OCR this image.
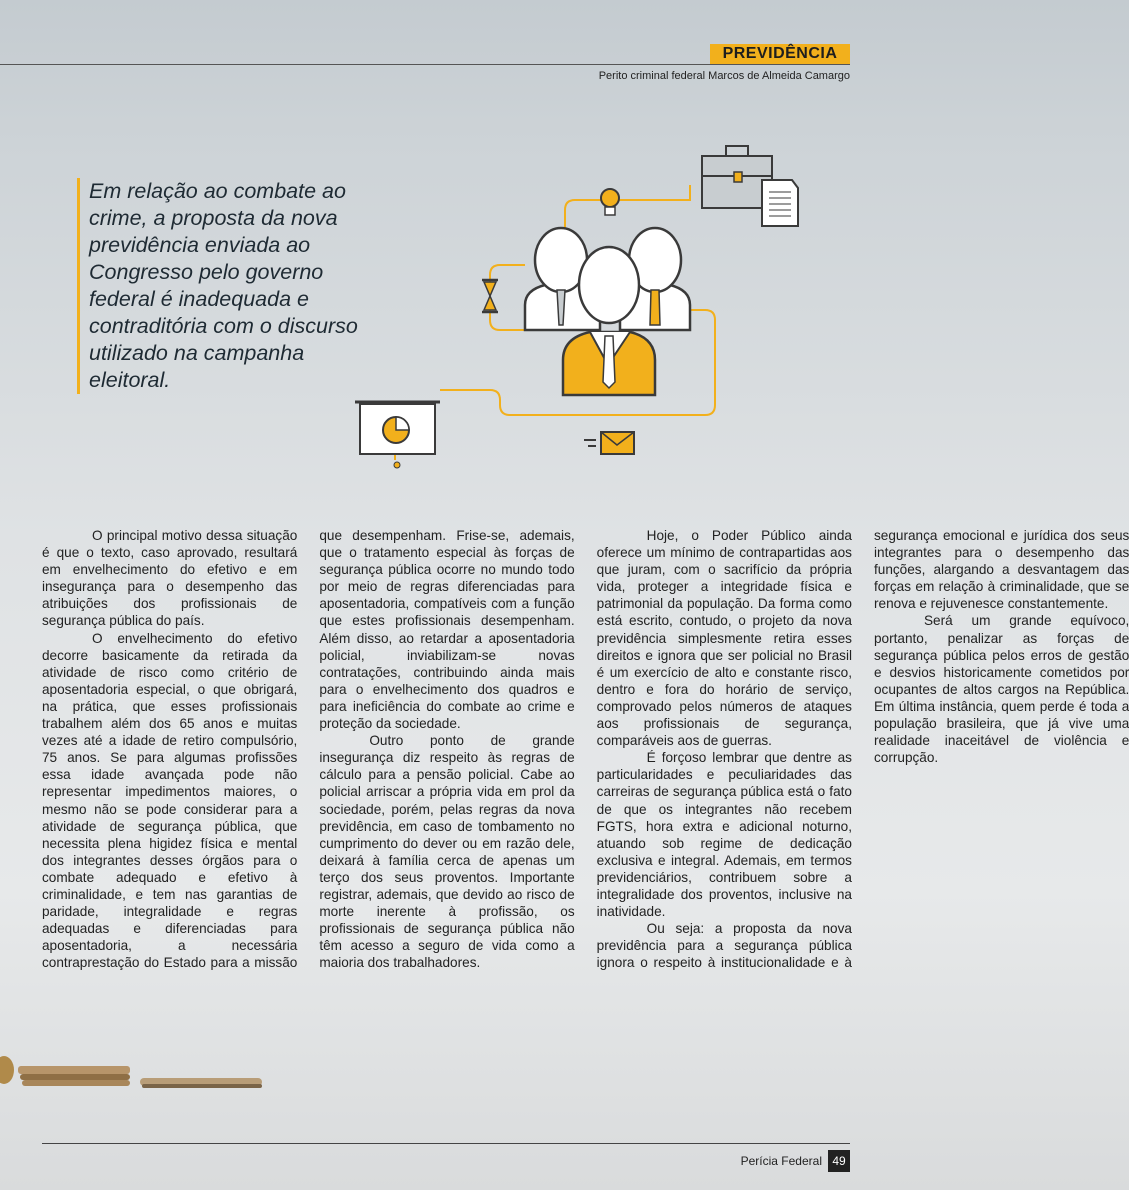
PREVIDÊNCIA
Perito criminal federal Marcos de Almeida Camargo
Em relação ao combate ao crime, a proposta da nova previdência enviada ao Congresso pelo governo federal é inadequada e contraditória com o discurso utilizado na campanha eleitoral.

O principal motivo dessa situação é que o texto, caso aprovado, resultará em envelhecimento do efetivo e em insegurança para o desempenho das atribuições dos profissionais de segurança pública do país.

O envelhecimento do efetivo decorre basicamente da retirada da atividade de risco como critério de aposentadoria especial, o que obrigará, na prática, que esses profissionais trabalhem além dos 65 anos e muitas vezes até a idade de retiro compulsório, 75 anos. Se para algumas profissões essa idade avançada pode não representar impedimentos maiores, o mesmo não se pode considerar para a atividade de segurança pública, que necessita plena higidez física e mental dos integrantes desses órgãos para o combate adequado e efetivo à criminalidade, e tem nas garantias de paridade, integralidade e regras adequadas e diferenciadas para aposentadoria, a necessária contraprestação do Estado para a missão que desempenham. Frise-se, ademais, que o tratamento especial às forças de segurança pública ocorre no mundo todo por meio de regras diferenciadas para aposentadoria, compatíveis com a função que estes profissionais desempenham. Além disso, ao retardar a aposentadoria policial, inviabilizam-se novas contratações, contribuindo ainda mais para o envelhecimento dos quadros e para ineficiência do combate ao crime e proteção da sociedade.

Outro ponto de grande insegurança diz respeito às regras de cálculo para a pensão policial. Cabe ao policial arriscar a própria vida em prol da sociedade, porém, pelas regras da nova previdência, em caso de tombamento no cumprimento do dever ou em razão dele, deixará à família cerca de apenas um terço dos seus proventos. Importante registrar, ademais, que devido ao risco de morte inerente à profissão, os profissionais de segurança pública não têm acesso a seguro de vida como a maioria dos trabalhadores.

Hoje, o Poder Público ainda oferece um mínimo de contrapartidas aos que juram, com o sacrifício da própria vida, proteger a integridade física e patrimonial da população. Da forma como está escrito, contudo, o projeto da nova previdência simplesmente retira esses direitos e ignora que ser policial no Brasil é um exercício de alto e constante risco, dentro e fora do horário de serviço, comprovado pelos números de ataques aos profissionais de segurança, comparáveis aos de guerras.

É forçoso lembrar que dentre as particularidades e peculiaridades das carreiras de segurança pública está o fato de que os integrantes não recebem FGTS, hora extra e adicional noturno, atuando sob regime de dedicação exclusiva e integral. Ademais, em termos previdenciários, contribuem sobre a integralidade dos proventos, inclusive na inatividade.

Ou seja: a proposta da nova previdência para a segurança pública ignora o respeito à institucionalidade e à segurança emocional e jurídica dos seus integrantes para o desempenho das funções, alargando a desvantagem das forças em relação à criminalidade, que se renova e rejuvenesce constantemente.

Será um grande equívoco, portanto, penalizar as forças de segurança pública pelos erros de gestão e desvios historicamente cometidos por ocupantes de altos cargos na República. Em última instância, quem perde é toda a população brasileira, que já vive uma realidade inaceitável de violência e corrupção.

Perícia Federal 49
